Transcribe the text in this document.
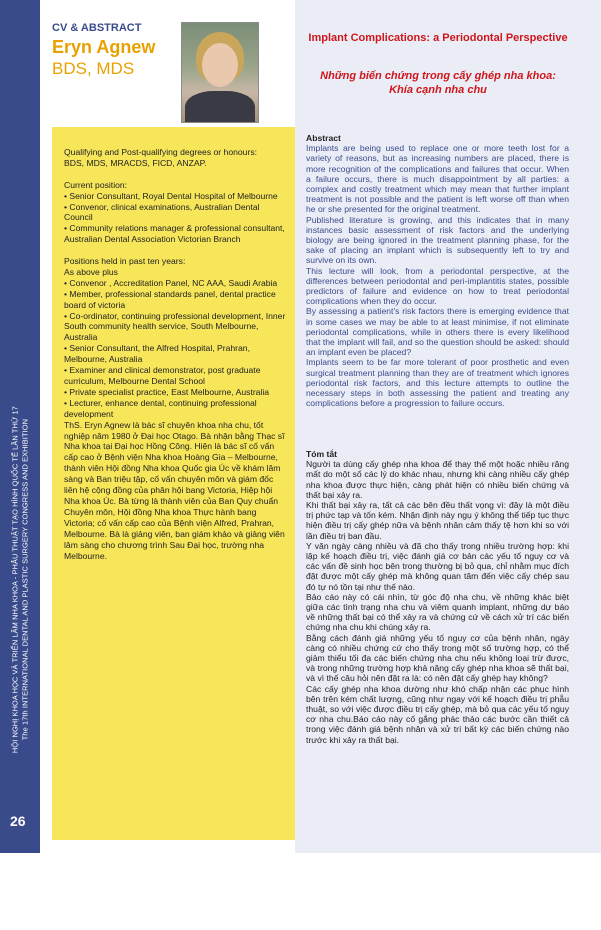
HỘI NGHỊ KHOA HỌC VÀ TRIỂN LÃM NHA KHOA - PHẪU THUẬT TẠO HÌNH QUỐC TẾ LẦN THỨ 17 The 17th INTERNATIONAL DENTAL AND PLASTIC SURGERY CONGRESS AND EXHIBITION
26
CV & ABSTRACT
Eryn Agnew
BDS, MDS
Implant Complications: a Periodontal Perspective
Những biến chứng trong cấy ghép nha khoa:
Khía cạnh nha chu

Qualifying and Post-qualifying degrees or honours:

BDS, MDS, MRACDS, FICD, ANZAP.

Current position:

• Senior Consultant, Royal Dental Hospital of Melbourne

• Convenor, clinical examinations, Australian Dental Council

• Community relations manager & professional consultant, Australian Dental Association Victorian Branch

Positions held in past ten years:

As above plus

• Convenor , Accreditation Panel, NC AAA, Saudi Arabia

• Member, professional standards panel, dental practice board of victoria

• Co-ordinator, continuing professional development, Inner South community health service, South Melbourne, Australia

• Senior Consultant, the Alfred Hospital, Prahran, Melbourne, Australia

• Examiner and clinical demonstrator, post graduate curriculum, Melbourne Dental School

• Private specialist practice, East Melbourne, Australia

• Lecturer, enhance dental, continuing professional development

ThS. Eryn Agnew là bác sĩ chuyên khoa nha chu, tốt nghiệp năm 1980 ở Đại học Otago. Bà nhận bằng Thạc sĩ Nha khoa tại Đại học Hồng Công. Hiện là bác sĩ cố vấn cấp cao ở Bệnh viện Nha khoa Hoàng Gia – Melbourne, thành viên Hội đồng Nha khoa Quốc gia Úc về khám lâm sàng và Ban triệu tập, cố vấn chuyên môn và giám đốc liên hệ cộng đồng của phân hội bang Victoria, Hiệp hội Nha khoa Úc. Bà từng là thành viên của Ban Quy chuẩn Chuyên môn, Hội đồng Nha khoa Thực hành bang Victoria; cố vấn cấp cao của Bệnh viện Alfred, Prahran, Melbourne. Bà là giảng viên, ban giám khảo và giảng viên lâm sàng cho chương trình Sau Đại học, trường nha Melbourne.

Abstract

Implants are being used to replace one or more teeth lost for a variety of reasons, but as increasing numbers are placed, there is more recognition of the complications and failures that occur. When a failure occurs, there is much disappointment by all parties: a complex and costly treatment which may mean that further implant treatment is not possible and the patient is left worse off than when he or she presented for the original treatment.

Published literature is growing, and this indicates that in many instances basic assessment of risk factors and the underlying biology are being ignored in the treatment planning phase, for the sake of placing an implant which is subsequently left to try and survive on its own.

This lecture will look, from a periodontal perspective, at the differences between periodontal and peri-implantitis states, possible predictors of failure and evidence on how to treat periodontal complications when they do occur.

By assessing a patient's risk factors there is emerging evidence that in some cases we may be able to at least minimise, if not eliminate periodontal complications, while in others there is every likelihood that the implant will fail, and so the question should be asked: should an implant even be placed?

Implants seem to be far more tolerant of poor prosthetic and even surgical treatment planning than they are of treatment which ignores periodontal risk factors, and this lecture attempts to outline the necessary steps in both assessing the patient and treating any complications before a progression to failure occurs.

Tóm tắt

Người ta dùng cấy ghép nha khoa để thay thế một hoặc nhiều răng mất do một số các lý do khác nhau, nhưng khi càng nhiều cấy ghép nha khoa được thực hiện, càng phát hiện có nhiều biến chứng và thất bại xảy ra.

Khi thất bại xảy ra, tất cả các bên đều thất vọng vì: đây là một điều trị phức tạp và tốn kém. Nhận định này ngụ ý không thể tiếp tục thực hiện điều trị cấy ghép nữa và bệnh nhân cảm thấy tệ hơn khi so với lần điều trị ban đầu.

Y văn ngày càng nhiều và đã cho thấy trong nhiều trường hợp: khi lập kế hoạch điều trị, việc đánh giá cơ bản các yếu tố nguy cơ và các vấn đề sinh học bên trong thường bị bỏ qua, chỉ nhằm mục đích đặt được một cấy ghép mà không quan tâm đến việc cấy chép sau đó tự nó tồn tại như thế nào.

Bảo cáo này có cái nhìn, từ góc độ nha chu, về những khác biệt giữa các tình trạng nha chu và viêm quanh implant, những dự báo về những thất bại có thể xảy ra và chứng cứ về cách xử trí các biến chứng nha chu khi chúng xảy ra.

Bằng cách đánh giá những yếu tố nguy cơ của bệnh nhân, ngày càng có nhiều chứng cứ cho thấy trong một số trường hợp, có thể giảm thiểu tối đa các biến chứng nha chu nếu không loại trừ được, và trong những trường hợp khả năng cấy ghép nha khoa sẽ thất bại, và vì thế câu hỏi nên đặt ra là: có nên đặt cấy ghép hay không?

Các cấy ghép nha khoa dường như khó chấp nhận các phục hình bên trên kém chất lượng, cũng như ngay với kế hoạch điều trị phẫu thuật, so với việc được điều trị cấy ghép, mà bỏ qua các yếu tố nguy cơ nha chu.Báo cáo này cố gắng phác thảo các bước cần thiết cả trong việc đánh giá bệnh nhân và xử trí bất kỳ các biến chứng nào trước khi xảy ra thất bại.
